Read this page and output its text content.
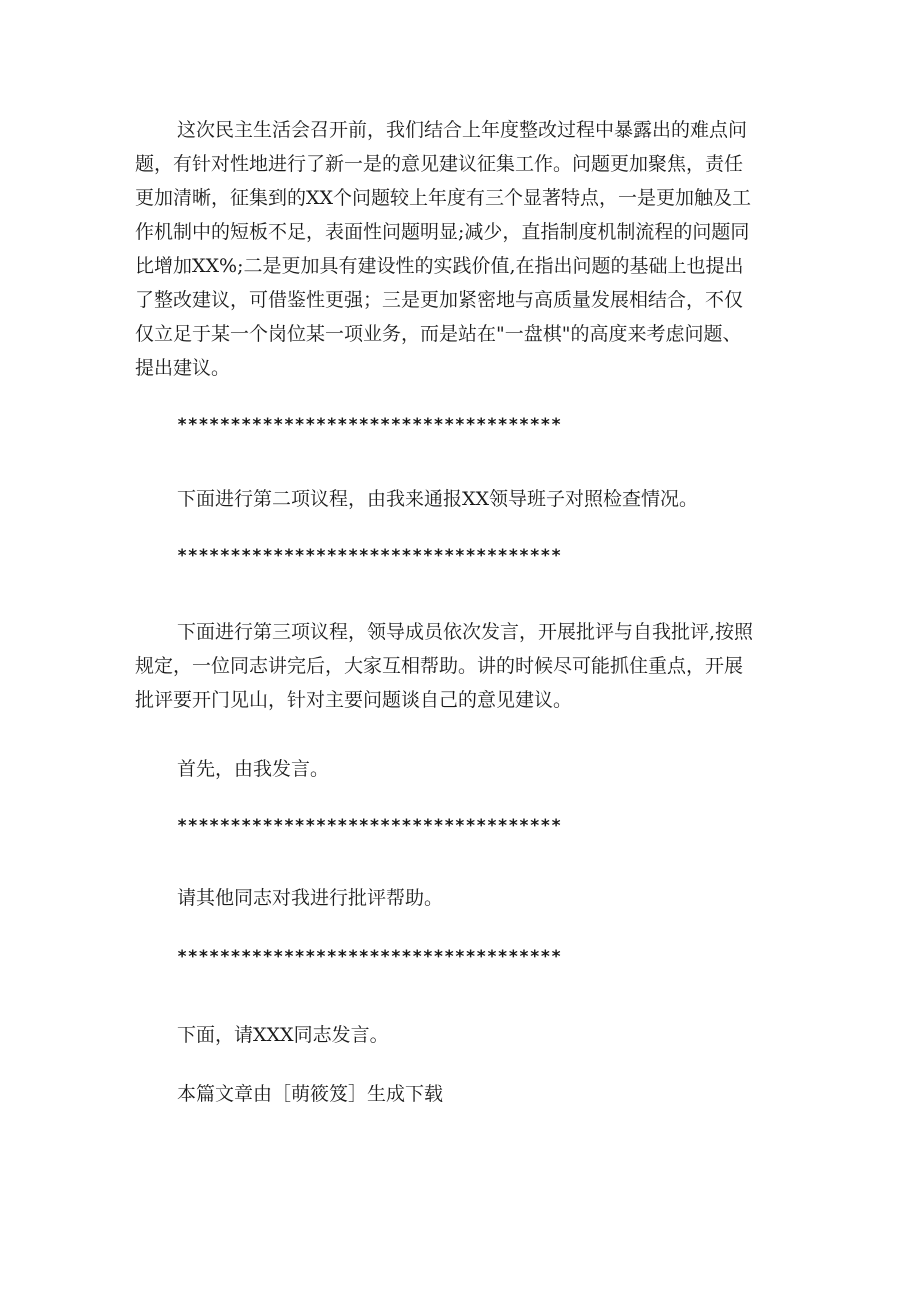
这次民主生活会召开前，我们结合上年度整改过程中暴露出的难点问

题，有针对性地进行了新一是的意见建议征集工作。问题更加聚焦，责任

更加清晰，征集到的XX个问题较上年度有三个显著特点，一是更加触及工

作机制中的短板不足，表面性问题明显;减少，直指制度机制流程的问题同

比增加XX%;二是更加具有建设性的实践价值,在指出问题的基础上也提出

了整改建议，可借鉴性更强；三是更加紧密地与高质量发展相结合，不仅

仅立足于某一个岗位某一项业务，而是站在"一盘棋"的高度来考虑问题、

提出建议。

************************************

下面进行第二项议程，由我来通报XX领导班子对照检查情况。

************************************

下面进行第三项议程，领导成员依次发言，开展批评与自我批评,按照

规定，一位同志讲完后，大家互相帮助。讲的时候尽可能抓住重点，开展

批评要开门见山，针对主要问题谈自己的意见建议。

首先，由我发言。

************************************

请其他同志对我进行批评帮助。

************************************

下面，请XXX同志发言。

本篇文章由［萌筱笈］生成下载
